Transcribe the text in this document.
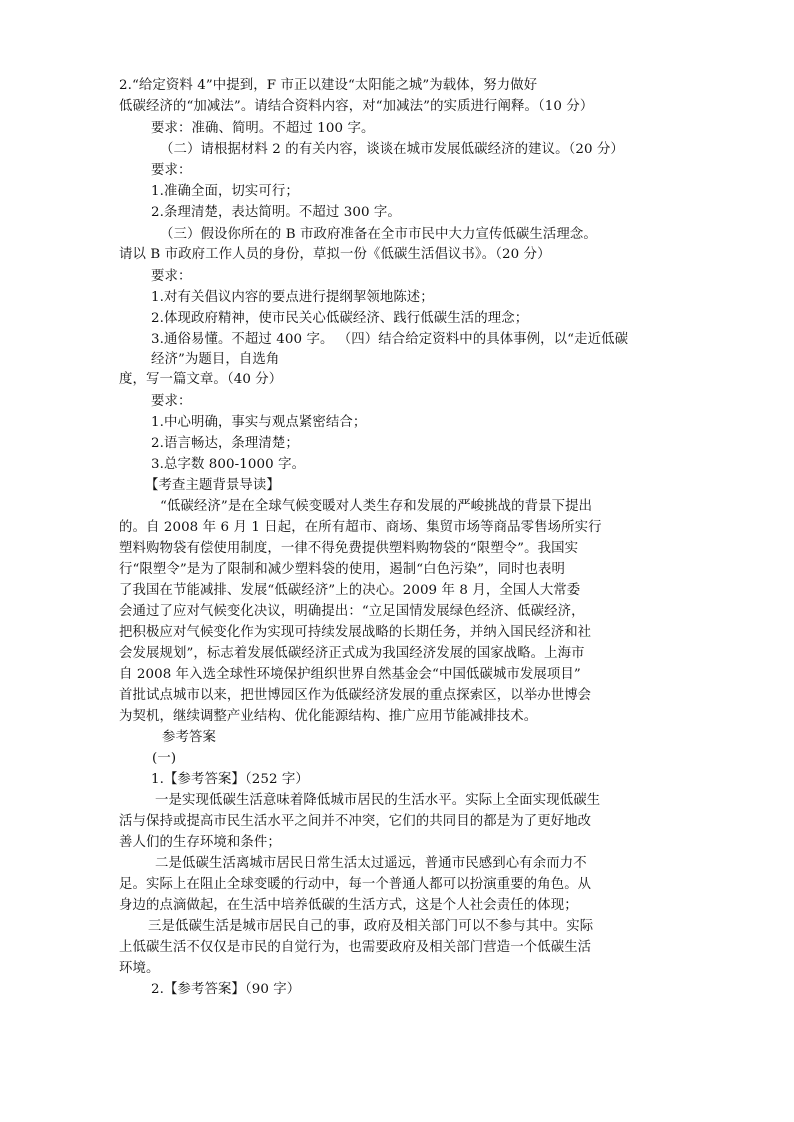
2.“给定资料 4”中提到，F 市正以建设“太阳能之城”为载体，努力做好
低碳经济的“加减法”。请结合资料内容，对“加减法”的实质进行阐释。（10 分）
要求：准确、简明。不超过 100 字。
（二）请根据材料 2 的有关内容，谈谈在城市发展低碳经济的建议。（20 分）
要求：
1.准确全面，切实可行；
2.条理清楚，表达简明。不超过 300 字。
（三）假设你所在的 B 市政府准备在全市市民中大力宣传低碳生活理念。
请以 B 市政府工作人员的身份，草拟一份《低碳生活倡议书》。（20 分）
要求：
1.对有关倡议内容的要点进行提纲挈领地陈述；
2.体现政府精神，使市民关心低碳经济、践行低碳生活的理念；
3.通俗易懂。不超过 400 字。 （四）结合给定资料中的具体事例，以“走近低碳
经济”为题目，自选角
度，写一篇文章。（40 分）
要求：
1.中心明确，事实与观点紧密结合；
2.语言畅达，条理清楚；
3.总字数 800-1000 字。
【考查主题背景导读】
“低碳经济”是在全球气候变暖对人类生存和发展的严峻挑战的背景下提出
的。自 2008 年 6 月 1 日起，在所有超市、商场、集贸市场等商品零售场所实行
塑料购物袋有偿使用制度，一律不得免费提供塑料购物袋的“限塑令”。我国实
行“限塑令”是为了限制和减少塑料袋的使用，遏制“白色污染”，同时也表明
了我国在节能减排、发展“低碳经济”上的决心。2009 年 8 月，全国人大常委
会通过了应对气候变化决议，明确提出：“立足国情发展绿色经济、低碳经济，
把积极应对气候变化作为实现可持续发展战略的长期任务，并纳入国民经济和社
会发展规划”，标志着发展低碳经济正式成为我国经济发展的国家战略。上海市
自 2008 年入选全球性环境保护组织世界自然基金会“中国低碳城市发展项目”
首批试点城市以来，把世博园区作为低碳经济发展的重点探索区，以举办世博会
为契机，继续调整产业结构、优化能源结构、推广应用节能减排技术。
参考答案
(一)
1.【参考答案】（252 字）
一是实现低碳生活意味着降低城市居民的生活水平。实际上全面实现低碳生
活与保持或提高市民生活水平之间并不冲突，它们的共同目的都是为了更好地改
善人们的生存环境和条件；
二是低碳生活离城市居民日常生活太过遥远，普通市民感到心有余而力不
足。实际上在阻止全球变暖的行动中，每一个普通人都可以扮演重要的角色。从
身边的点滴做起，在生活中培养低碳的生活方式，这是个人社会责任的体现；
三是低碳生活是城市居民自己的事，政府及相关部门可以不参与其中。实际
上低碳生活不仅仅是市民的自觉行为，也需要政府及相关部门营造一个低碳生活
环境。
2.【参考答案】（90 字）
